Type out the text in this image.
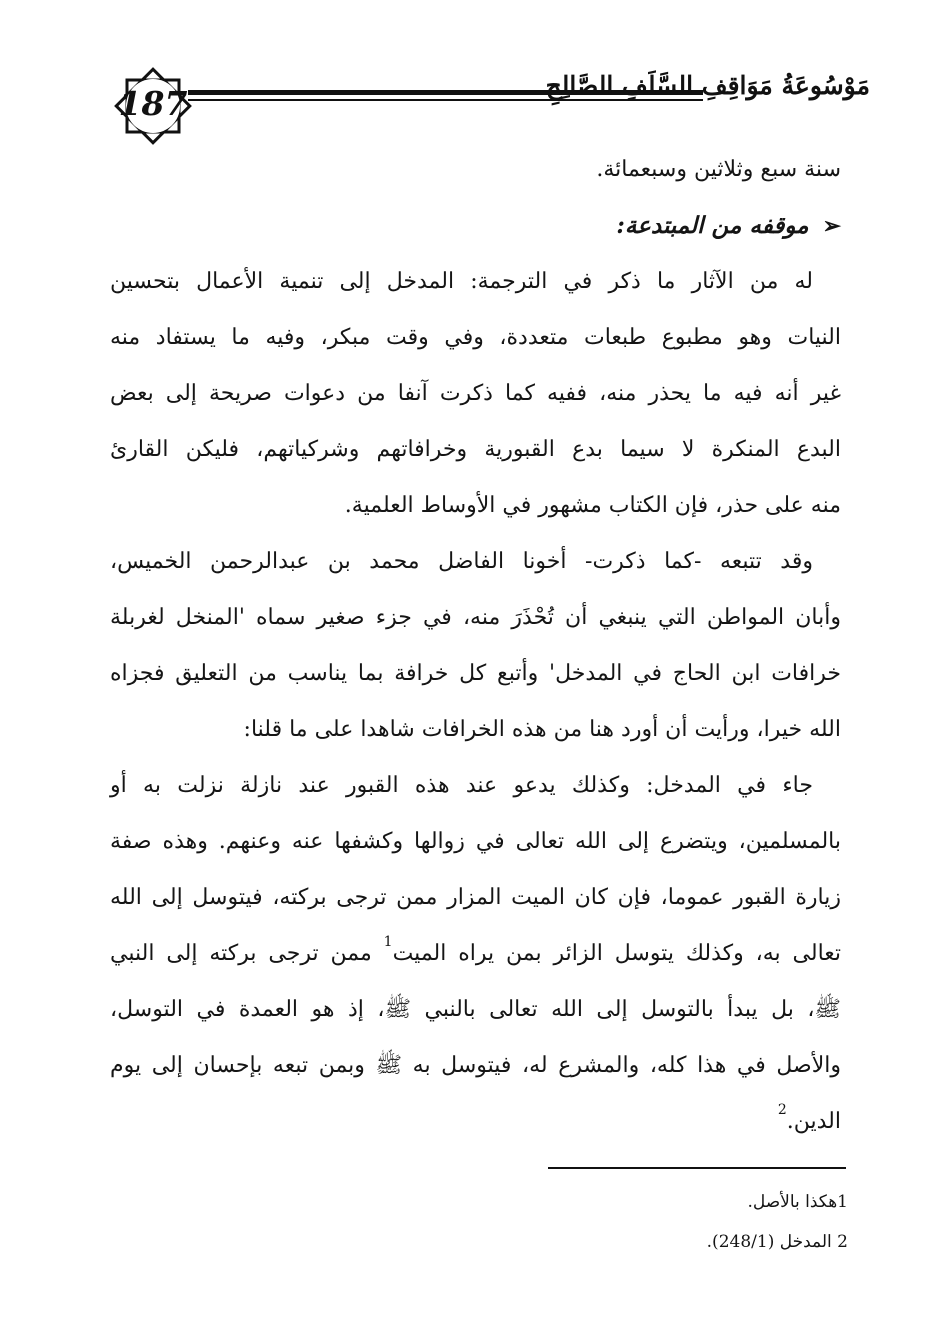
187	مَوْسُوعَةُ مَوَاقِفِ السَّلَفِ الصَّالِحِ
سنة سبع وثلاثين وسبعمائة.
➢موقفه من المبتدعة:
له من الآثار ما ذكر في الترجمة: المدخل إلى تنمية الأعمال بتحسين
النيات وهو مطبوع طبعات متعددة، وفي وقت مبكر، وفيه ما يستفاد منه
غير أنه فيه ما يحذر منه، ففيه كما ذكرت آنفا من دعوات صريحة إلى بعض
البدع المنكرة لا سيما بدع القبورية وخرافاتهم وشركياتهم، فليكن القارئ
منه على حذر، فإن الكتاب مشهور في الأوساط العلمية.
وقد تتبعه -كما ذكرت- أخونا الفاضل محمد بن عبدالرحمن الخميس،
وأبان المواطن التي ينبغي أن تُحْذَرَ منه، في جزء صغير سماه 'المنخل لغربلة
خرافات ابن الحاج في المدخل' وأتبع كل خرافة بما يناسب من التعليق فجزاه
الله خيرا، ورأيت أن أورد هنا من هذه الخرافات شاهدا على ما قلنا:
جاء في المدخل: وكذلك يدعو عند هذه القبور عند نازلة نزلت به أو
بالمسلمين، ويتضرع إلى الله تعالى في زوالها وكشفها عنه وعنهم. وهذه صفة
زيارة القبور عموما، فإن كان الميت المزار ممن ترجى بركته، فيتوسل إلى الله
تعالى به، وكذلك يتوسل الزائر بمن يراه الميت$^1$ ممن ترجى بركته إلى النبي
ﷺ، بل يبدأ بالتوسل إلى الله تعالى بالنبي ﷺ، إذ هو العمدة في التوسل،
والأصل في هذا كله، والمشرع له، فيتوسل به ﷺ وبمن تبعه بإحسان إلى يوم
الدين.$^2$
1هكذا بالأصل.
2 المدخل (248/1).
